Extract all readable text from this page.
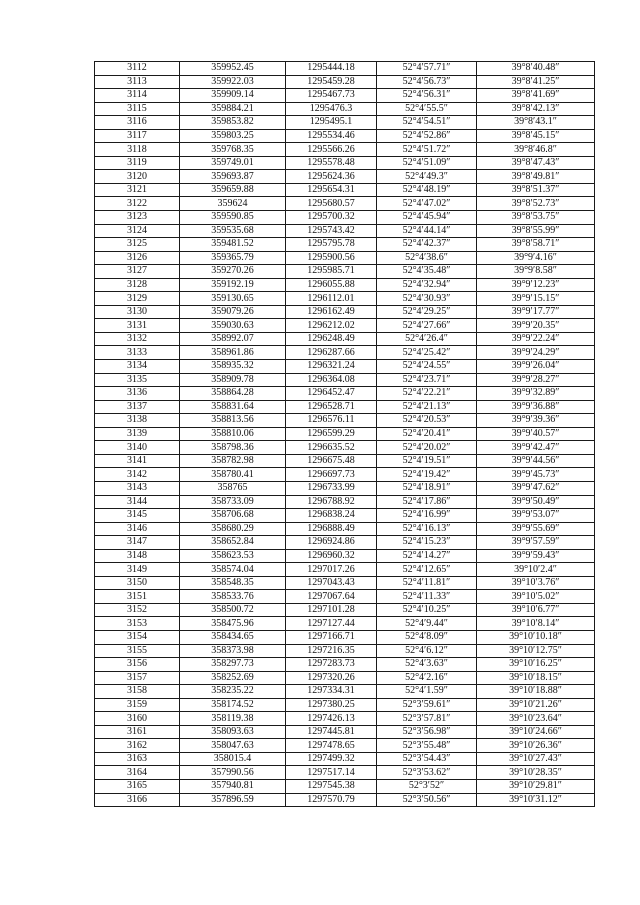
3112	359952.45	1295444.18	52°4′57.71″	39°8′40.48″
3113	359922.03	1295459.28	52°4′56.73″	39°8′41.25″
3114	359909.14	1295467.73	52°4′56.31″	39°8′41.69″
3115	359884.21	1295476.3	52°4′55.5″	39°8′42.13″
3116	359853.82	1295495.1	52°4′54.51″	39°8′43.1″
3117	359803.25	1295534.46	52°4′52.86″	39°8′45.15″
3118	359768.35	1295566.26	52°4′51.72″	39°8′46.8″
3119	359749.01	1295578.48	52°4′51.09″	39°8′47.43″
3120	359693.87	1295624.36	52°4′49.3″	39°8′49.81″
3121	359659.88	1295654.31	52°4′48.19″	39°8′51.37″
3122	359624	1295680.57	52°4′47.02″	39°8′52.73″
3123	359590.85	1295700.32	52°4′45.94″	39°8′53.75″
3124	359535.68	1295743.42	52°4′44.14″	39°8′55.99″
3125	359481.52	1295795.78	52°4′42.37″	39°8′58.71″
3126	359365.79	1295900.56	52°4′38.6″	39°9′4.16″
3127	359270.26	1295985.71	52°4′35.48″	39°9′8.58″
3128	359192.19	1296055.88	52°4′32.94″	39°9′12.23″
3129	359130.65	1296112.01	52°4′30.93″	39°9′15.15″
3130	359079.26	1296162.49	52°4′29.25″	39°9′17.77″
3131	359030.63	1296212.02	52°4′27.66″	39°9′20.35″
3132	358992.07	1296248.49	52°4′26.4″	39°9′22.24″
3133	358961.86	1296287.66	52°4′25.42″	39°9′24.29″
3134	358935.32	1296321.24	52°4′24.55″	39°9′26.04″
3135	358909.78	1296364.08	52°4′23.71″	39°9′28.27″
3136	358864.28	1296452.47	52°4′22.21″	39°9′32.89″
3137	358831.64	1296528.71	52°4′21.13″	39°9′36.88″
3138	358813.56	1296576.11	52°4′20.53″	39°9′39.36″
3139	358810.06	1296599.29	52°4′20.41″	39°9′40.57″
3140	358798.36	1296635.52	52°4′20.02″	39°9′42.47″
3141	358782.98	1296675.48	52°4′19.51″	39°9′44.56″
3142	358780.41	1296697.73	52°4′19.42″	39°9′45.73″
3143	358765	1296733.99	52°4′18.91″	39°9′47.62″
3144	358733.09	1296788.92	52°4′17.86″	39°9′50.49″
3145	358706.68	1296838.24	52°4′16.99″	39°9′53.07″
3146	358680.29	1296888.49	52°4′16.13″	39°9′55.69″
3147	358652.84	1296924.86	52°4′15.23″	39°9′57.59″
3148	358623.53	1296960.32	52°4′14.27″	39°9′59.43″
3149	358574.04	1297017.26	52°4′12.65″	39°10′2.4″
3150	358548.35	1297043.43	52°4′11.81″	39°10′3.76″
3151	358533.76	1297067.64	52°4′11.33″	39°10′5.02″
3152	358500.72	1297101.28	52°4′10.25″	39°10′6.77″
3153	358475.96	1297127.44	52°4′9.44″	39°10′8.14″
3154	358434.65	1297166.71	52°4′8.09″	39°10′10.18″
3155	358373.98	1297216.35	52°4′6.12″	39°10′12.75″
3156	358297.73	1297283.73	52°4′3.63″	39°10′16.25″
3157	358252.69	1297320.26	52°4′2.16″	39°10′18.15″
3158	358235.22	1297334.31	52°4′1.59″	39°10′18.88″
3159	358174.52	1297380.25	52°3′59.61″	39°10′21.26″
3160	358119.38	1297426.13	52°3′57.81″	39°10′23.64″
3161	358093.63	1297445.81	52°3′56.98″	39°10′24.66″
3162	358047.63	1297478.65	52°3′55.48″	39°10′26.36″
3163	358015.4	1297499.32	52°3′54.43″	39°10′27.43″
3164	357990.56	1297517.14	52°3′53.62″	39°10′28.35″
3165	357940.81	1297545.38	52°3′52″	39°10′29.81″
3166	357896.59	1297570.79	52°3′50.56″	39°10′31.12″
